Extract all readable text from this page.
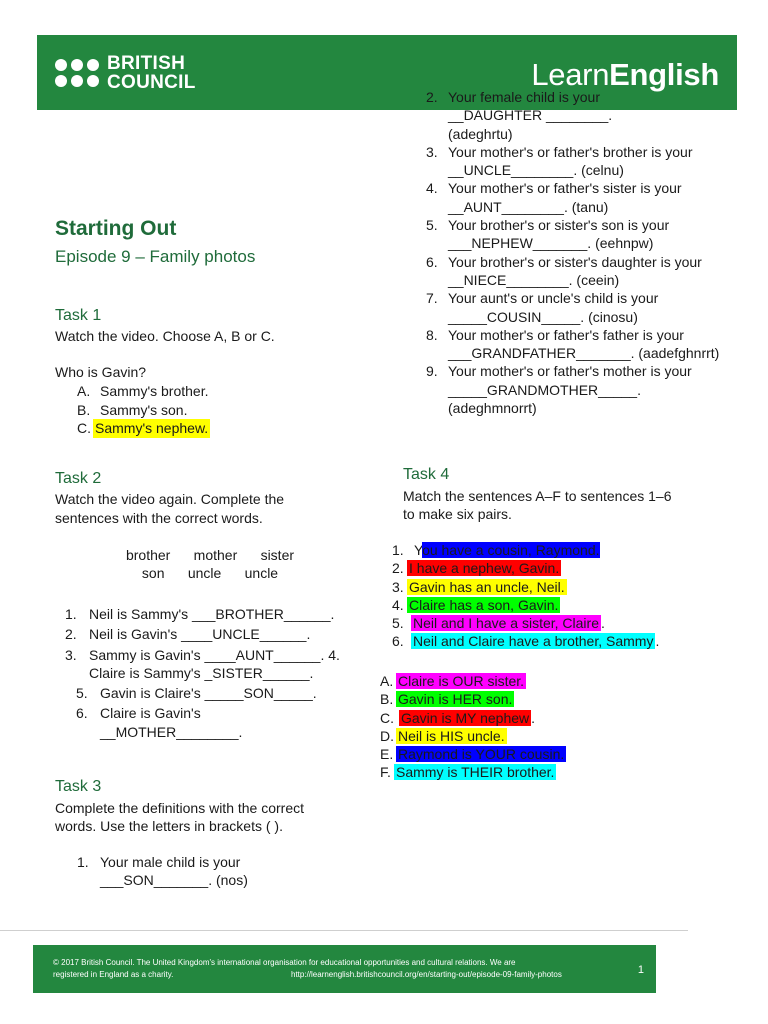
BRITISH
COUNCIL	LearnEnglish
Starting Out
Episode 9 – Family photos
Task 1
Watch the video. Choose A, B or C.
Who is Gavin?
A. Sammy's brother.
B. Sammy's son.
C. Sammy's nephew.
Task 2
Watch the video again. Complete the
sentences with the correct words.
brother      mother      sister
son      uncle      uncle
1. Neil is Sammy's ___BROTHER______.
2. Neil is Gavin's ____UNCLE______.
3. Sammy is Gavin's ____AUNT______. 4. Claire is Sammy's _SISTER______.
5. Gavin is Claire's _____SON_____.
6. Claire is Gavin's __MOTHER________.
Task 3
Complete the definitions with the correct
words. Use the letters in brackets ( ).
1. Your male child is your ___SON_______. (nos)
2. Your female child is your __DAUGHTER ________. (adeghrtu)
3. Your mother's or father's brother is your __UNCLE________. (celnu)
4. Your mother's or father's sister is your __AUNT________. (tanu)
5. Your brother's or sister's son is your ___NEPHEW_______. (eehnpw)
6. Your brother's or sister's daughter is your __NIECE________. (ceein)
7. Your aunt's or uncle's child is your _____COUSIN_____. (cinosu)
8. Your mother's or father's father is your ___GRANDFATHER_______. (aadefghnrrt)
9. Your mother's or father's mother is your _____GRANDMOTHER_____. (adeghmnorrt)
Task 4
Match the sentences A–F to sentences 1–6
to make six pairs.
1. You have a cousin, Raymond.
2. I have a nephew, Gavin.
3. Gavin has an uncle, Neil.
4. Claire has a son, Gavin.
5. Neil and I have a sister, Claire .
6. Neil and Claire have a brother, Sammy .
A. Claire is OUR sister.
B. Gavin is HER son.
C. Gavin is MY nephew .
D. Neil is HIS uncle.
E. Raymond is YOUR cousin.
F. Sammy is THEIR brother.
© 2017 British Council. The United Kingdom's international organisation for educational opportunities and cultural relations. We are
registered in England as a charity.	http://learnenglish.britishcouncil.org/en/starting-out/episode-09-family-photos	1
